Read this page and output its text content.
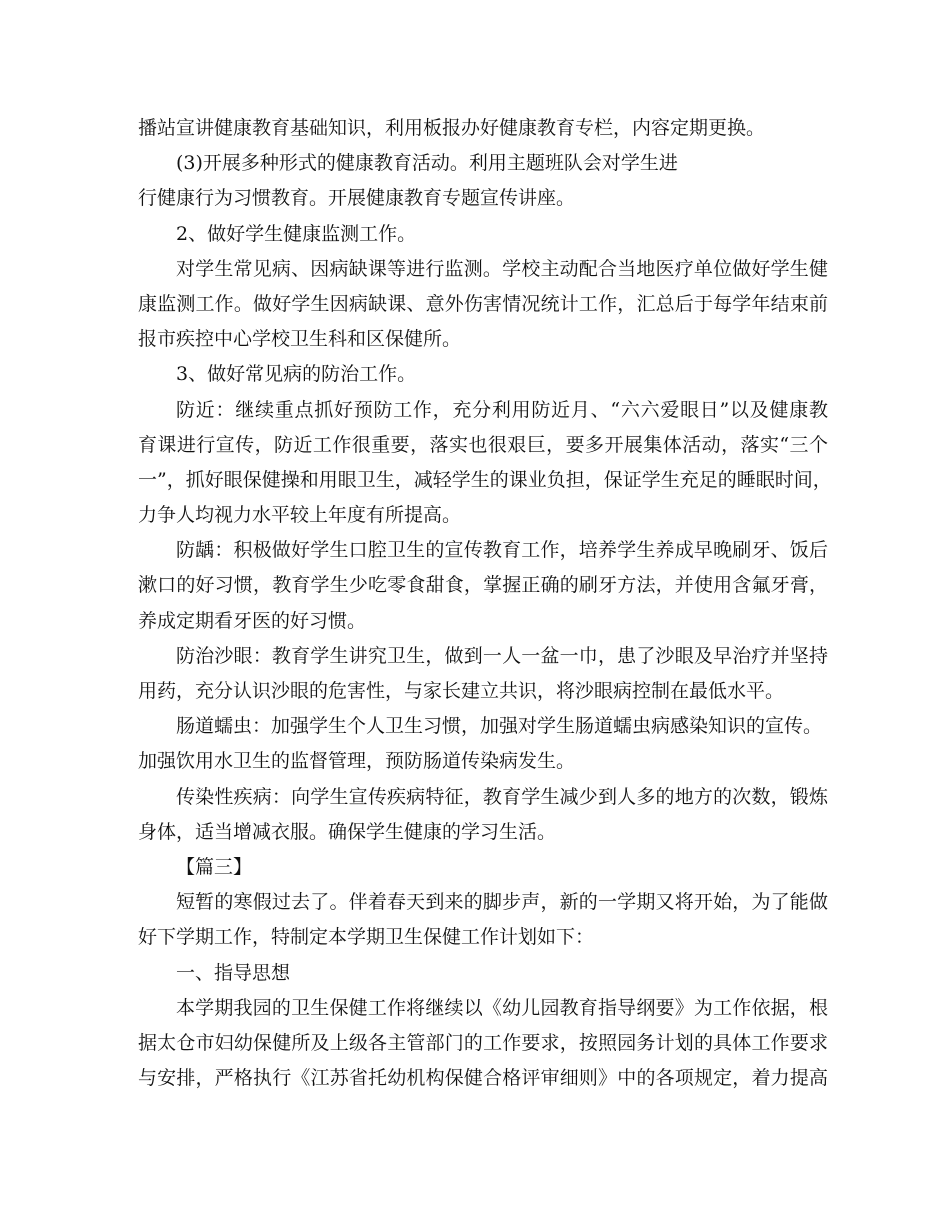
播站宣讲健康教育基础知识，利用板报办好健康教育专栏，内容定期更换。
(3)开展多种形式的健康教育活动。利用主题班队会对学生进
行健康行为习惯教育。开展健康教育专题宣传讲座。
2、做好学生健康监测工作。
对学生常见病、因病缺课等进行监测。学校主动配合当地医疗单位做好学生健
康监测工作。做好学生因病缺课、意外伤害情况统计工作，汇总后于每学年结束前
报市疾控中心学校卫生科和区保健所。
3、做好常见病的防治工作。
防近：继续重点抓好预防工作，充分利用防近月、“六六爱眼日”以及健康教
育课进行宣传，防近工作很重要，落实也很艰巨，要多开展集体活动，落实“三个
一”，抓好眼保健操和用眼卫生，减轻学生的课业负担，保证学生充足的睡眠时间，
力争人均视力水平较上年度有所提高。
防龋：积极做好学生口腔卫生的宣传教育工作，培养学生养成早晚刷牙、饭后
漱口的好习惯，教育学生少吃零食甜食，掌握正确的刷牙方法，并使用含氟牙膏，
养成定期看牙医的好习惯。
防治沙眼：教育学生讲究卫生，做到一人一盆一巾，患了沙眼及早治疗并坚持
用药，充分认识沙眼的危害性，与家长建立共识，将沙眼病控制在最低水平。
肠道蠕虫：加强学生个人卫生习惯，加强对学生肠道蠕虫病感染知识的宣传。
加强饮用水卫生的监督管理，预防肠道传染病发生。
传染性疾病：向学生宣传疾病特征，教育学生减少到人多的地方的次数，锻炼
身体，适当增减衣服。确保学生健康的学习生活。
【篇三】
短暂的寒假过去了。伴着春天到来的脚步声，新的一学期又将开始，为了能做
好下学期工作，特制定本学期卫生保健工作计划如下：
一、指导思想
本学期我园的卫生保健工作将继续以《幼儿园教育指导纲要》为工作依据，根
据太仓市妇幼保健所及上级各主管部门的工作要求，按照园务计划的具体工作要求
与安排，严格执行《江苏省托幼机构保健合格评审细则》中的各项规定，着力提高
